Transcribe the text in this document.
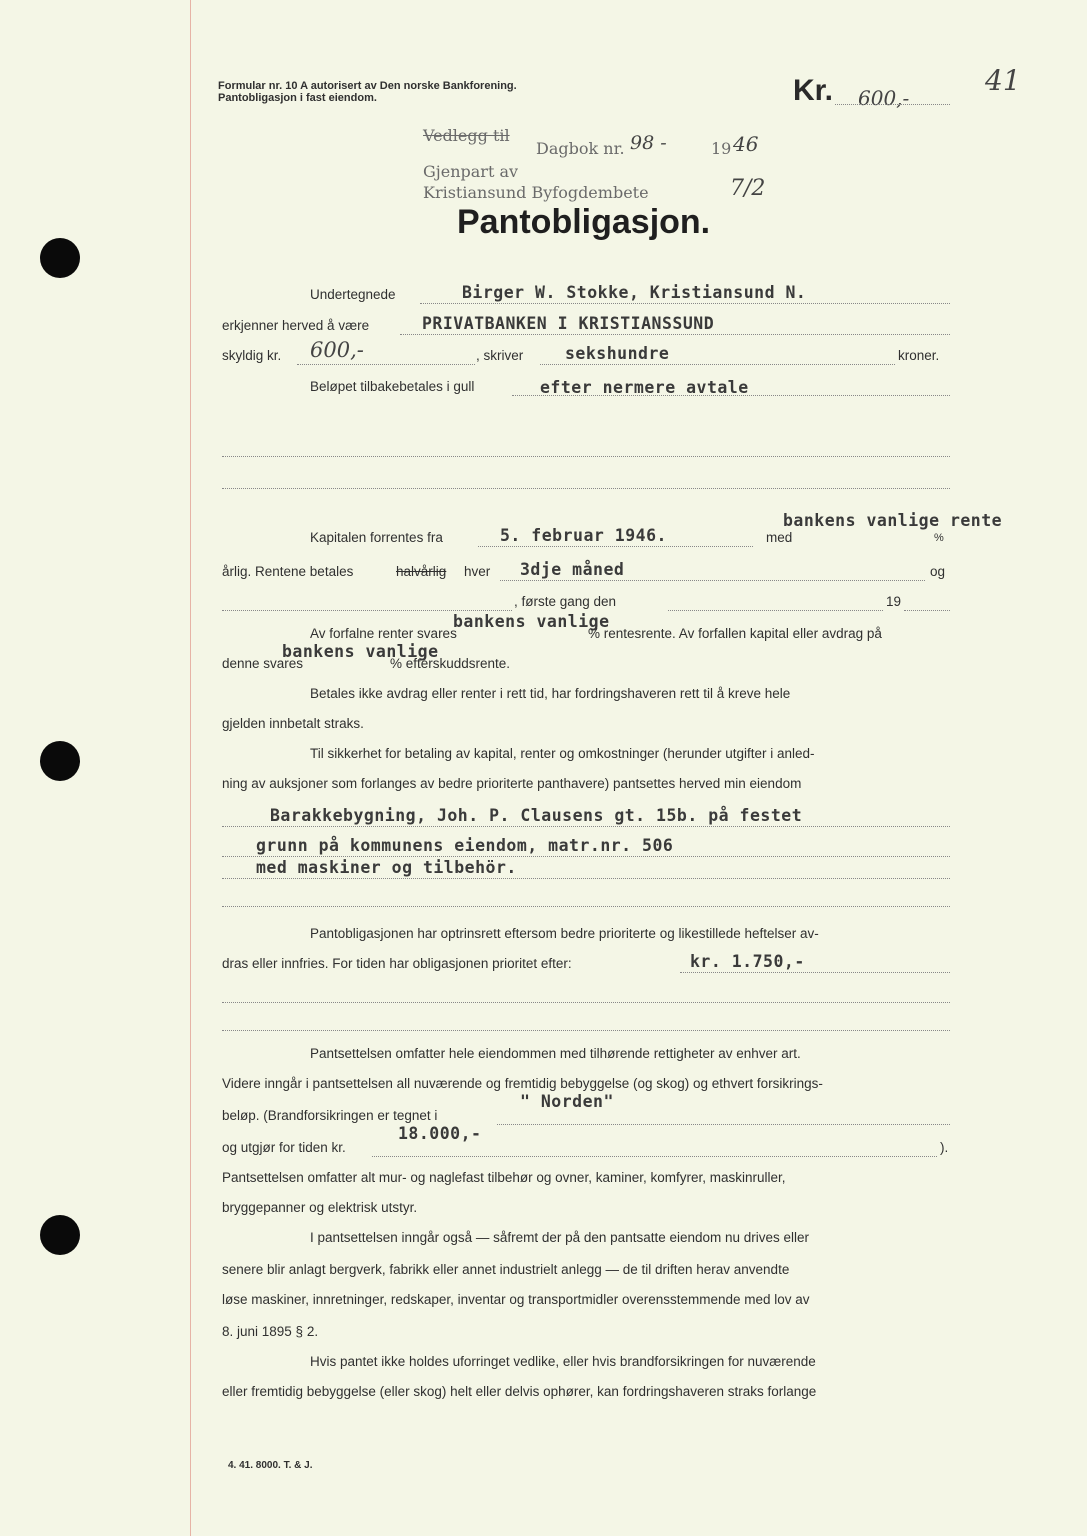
Formular nr. 10 A autorisert av Den norske Bankforening.
Pantobligasjon i fast eiendom.	Kr. 600,-
41
Vedlegg til
Dagbok nr. 98 -	19 46
Gjenpart av
Kristiansund Byfogdembete	7/2
Pantobligasjon.
Undertegnede	Birger W. Stokke, Kristiansund N.
erkjenner herved å være	PRIVATBANKEN I KRISTIANSSUND
skyldig kr. 600,-	, skriver	sekshundre	kroner.
Beløpet tilbakebetales i gull	efter nermere avtale
Kapitalen forrentes fra	5. februar 1946.	med
bankens vanlige rente
%
årlig. Rentene betales	halvårlig hver 3dje måned	og
, første gang den	19
Av forfalne renter svares
bankens vanlige
% rentesrente. Av forfallen kapital eller avdrag på
denne svares
bankens vanlige
% efterskuddsrente.
Betales ikke avdrag eller renter i rett tid, har fordringshaveren rett til å kreve hele
gjelden innbetalt straks.
Til sikkerhet for betaling av kapital, renter og omkostninger (herunder utgifter i anled-
ning av auksjoner som forlanges av bedre prioriterte panthavere) pantsettes herved min eiendom
Barakkebygning, Joh. P. Clausens gt. 15b. på festet
grunn på kommunens eiendom, matr.nr. 506
med maskiner og tilbehör.
Pantobligasjonen har optrinsrett eftersom bedre prioriterte og likestillede heftelser av-
dras eller innfries. For tiden har obligasjonen prioritet efter:	kr. 1.750,-
Pantsettelsen omfatter hele eiendommen med tilhørende rettigheter av enhver art.
Videre inngår i pantsettelsen all nuværende og fremtidig bebyggelse (og skog) og ethvert forsikrings-
beløp. (Brandforsikringen er tegnet i
" Norden"
og utgjør for tiden kr.
18.000,-
).
Pantsettelsen omfatter alt mur- og naglefast tilbehør og ovner, kaminer, komfyrer, maskinruller,
bryggepanner og elektrisk utstyr.
I pantsettelsen inngår også — såfremt der på den pantsatte eiendom nu drives eller
senere blir anlagt bergverk, fabrikk eller annet industrielt anlegg — de til driften herav anvendte
løse maskiner, innretninger, redskaper, inventar og transportmidler overensstemmende med lov av
8. juni 1895 § 2.
Hvis pantet ikke holdes uforringet vedlike, eller hvis brandforsikringen for nuværende
eller fremtidig bebyggelse (eller skog) helt eller delvis ophører, kan fordringshaveren straks forlange
4. 41. 8000. T. & J.
